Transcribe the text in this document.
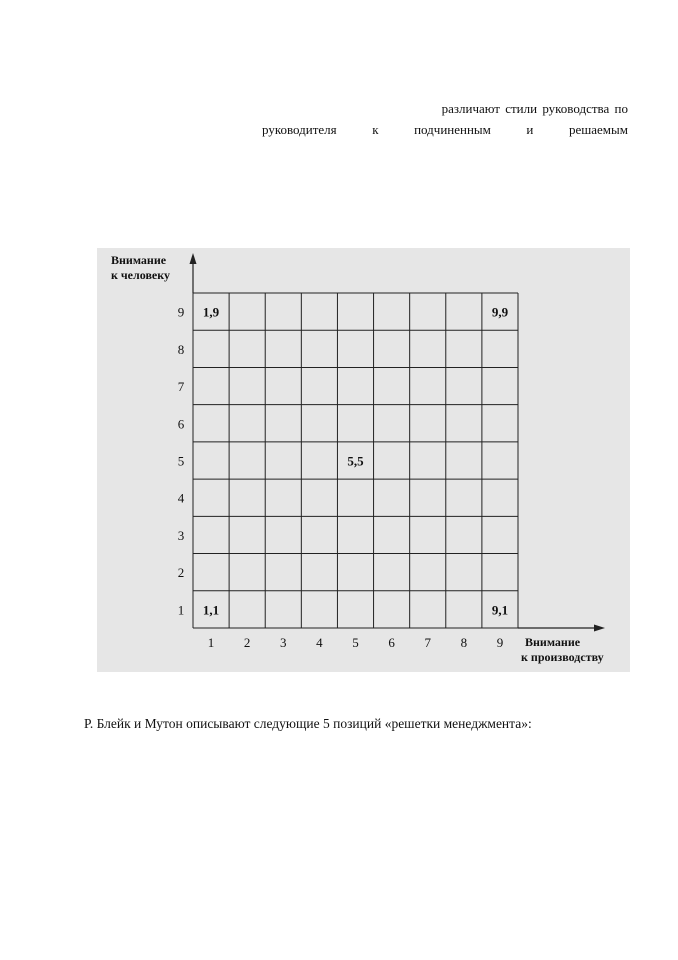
различают стили руководства по
руководителя	к	подчиненным	и	решаемым
Внимание
к человеку
Внимание
к производству
1 2 3 4 5 6 7 8 9
1
2
3
4
5
6
7
8
9 1,9	9,9
5,5
1,1	9,1
Р. Блейк и Мутон описывают следующие 5 позиций «решетки менеджмента»:
